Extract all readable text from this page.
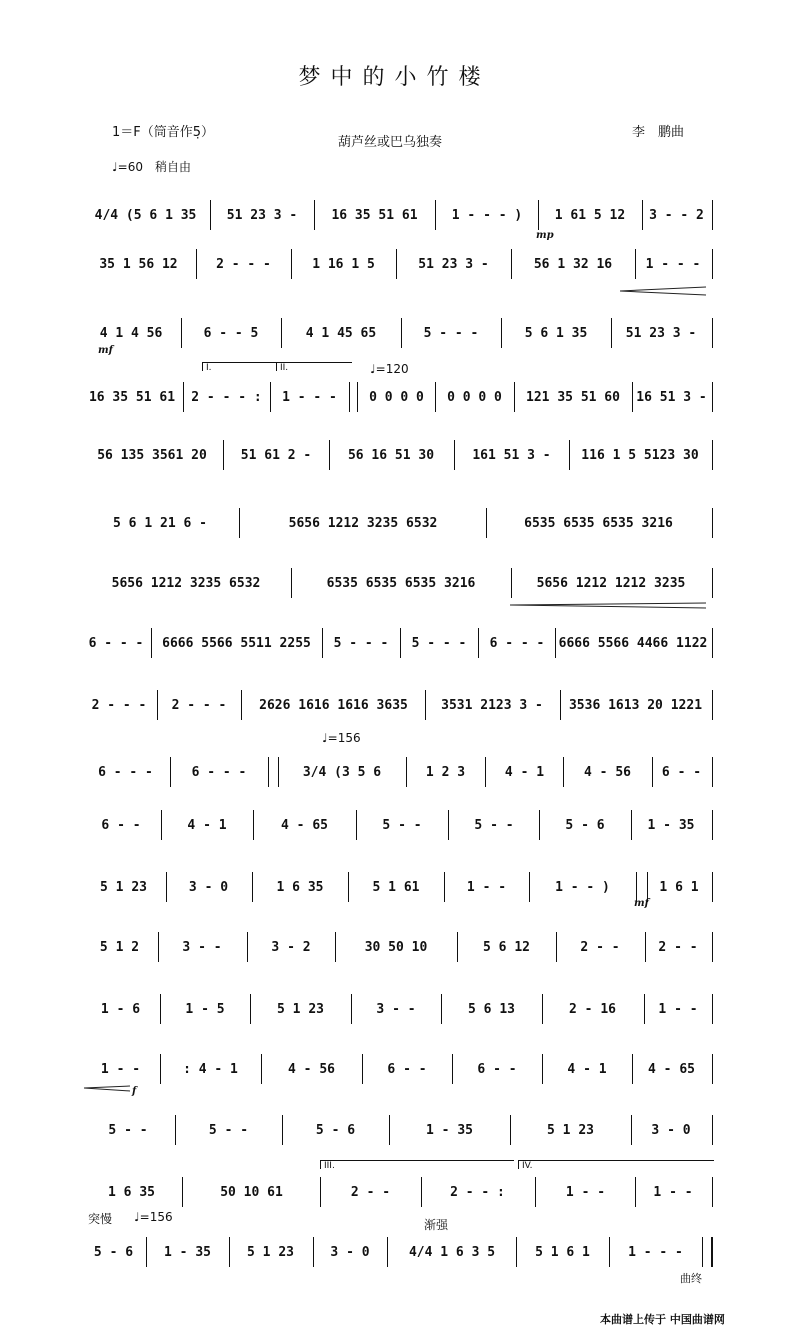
梦中的小竹楼
1＝F（筒音作5̣）
葫芦丝或巴乌独奏
李　鹏曲
♩=60　稍自由
♩=120
♩=156
♩=156
突慢	渐强
曲终
本曲谱上传于 中国曲谱网
4/4 (5 6 1 35	51 23 3 -	16 35 51 61	1 - - - )	1 61 5 12	3 - - 2
35 1 56 12	2 - - -	1 16 1 5	51 23 3 -	56 1 32 16	1 - - -
4 1 4 56	6 - - 5	4 1 45 65	5 - - -	5 6 1 35	51 23 3 -
16 35 51 61	2 - - - :	1 - - -	0 0 0 0	0 0 0 0	121 35 51 60	16 51 3 -
56 135 3561 20	51 61 2 -	56 16 51 30	161 51 3 -	116 1 5 5123 30
5 6 1 21 6 -	5656 1212 3235 6532	6535 6535 6535 3216
5656 1212 3235 6532	6535 6535 6535 3216	5656 1212 1212 3235
6 - - -	6666 5566 5511 2255	5 - - -	5 - - -	6 - - -	6666 5566 4466 1122
2 - - -	2 - - -	2626 1616 1616 3635	3531 2123 3 -	3536 1613 20 1221
6 - - -	6 - - -	3/4 (3 5 6	1 2 3	4 - 1	4 - 56	6 - -
6 - -	4 - 1	4 - 65	5 - -	5 - -	5 - 6	1 - 35
5 1 23	3 - 0	1 6 35	5 1 61	1 - -	1 - - )	1 6 1
5 1 2	3 - -	3 - 2	30 50 10	5 6 12	2 - -	2 - -
1 - 6	1 - 5	5 1 23	3 - -	5 6 13	2 - 16	1 - -
1 - -	: 4 - 1	4 - 56	6 - -	6 - -	4 - 1	4 - 65
5 - -	5 - -	5 - 6	1 - 35	5 1 23	3 - 0
1 6 35	50 10 61	2 - -	2 - - :	1 - -	1 - -
5 - 6	1 - 35	5 1 23	3 - 0	4/4 1 6 3 5	5 1 6 1	1 - - -
mp
mf
mf
f
I.	II.
III.	IV.
